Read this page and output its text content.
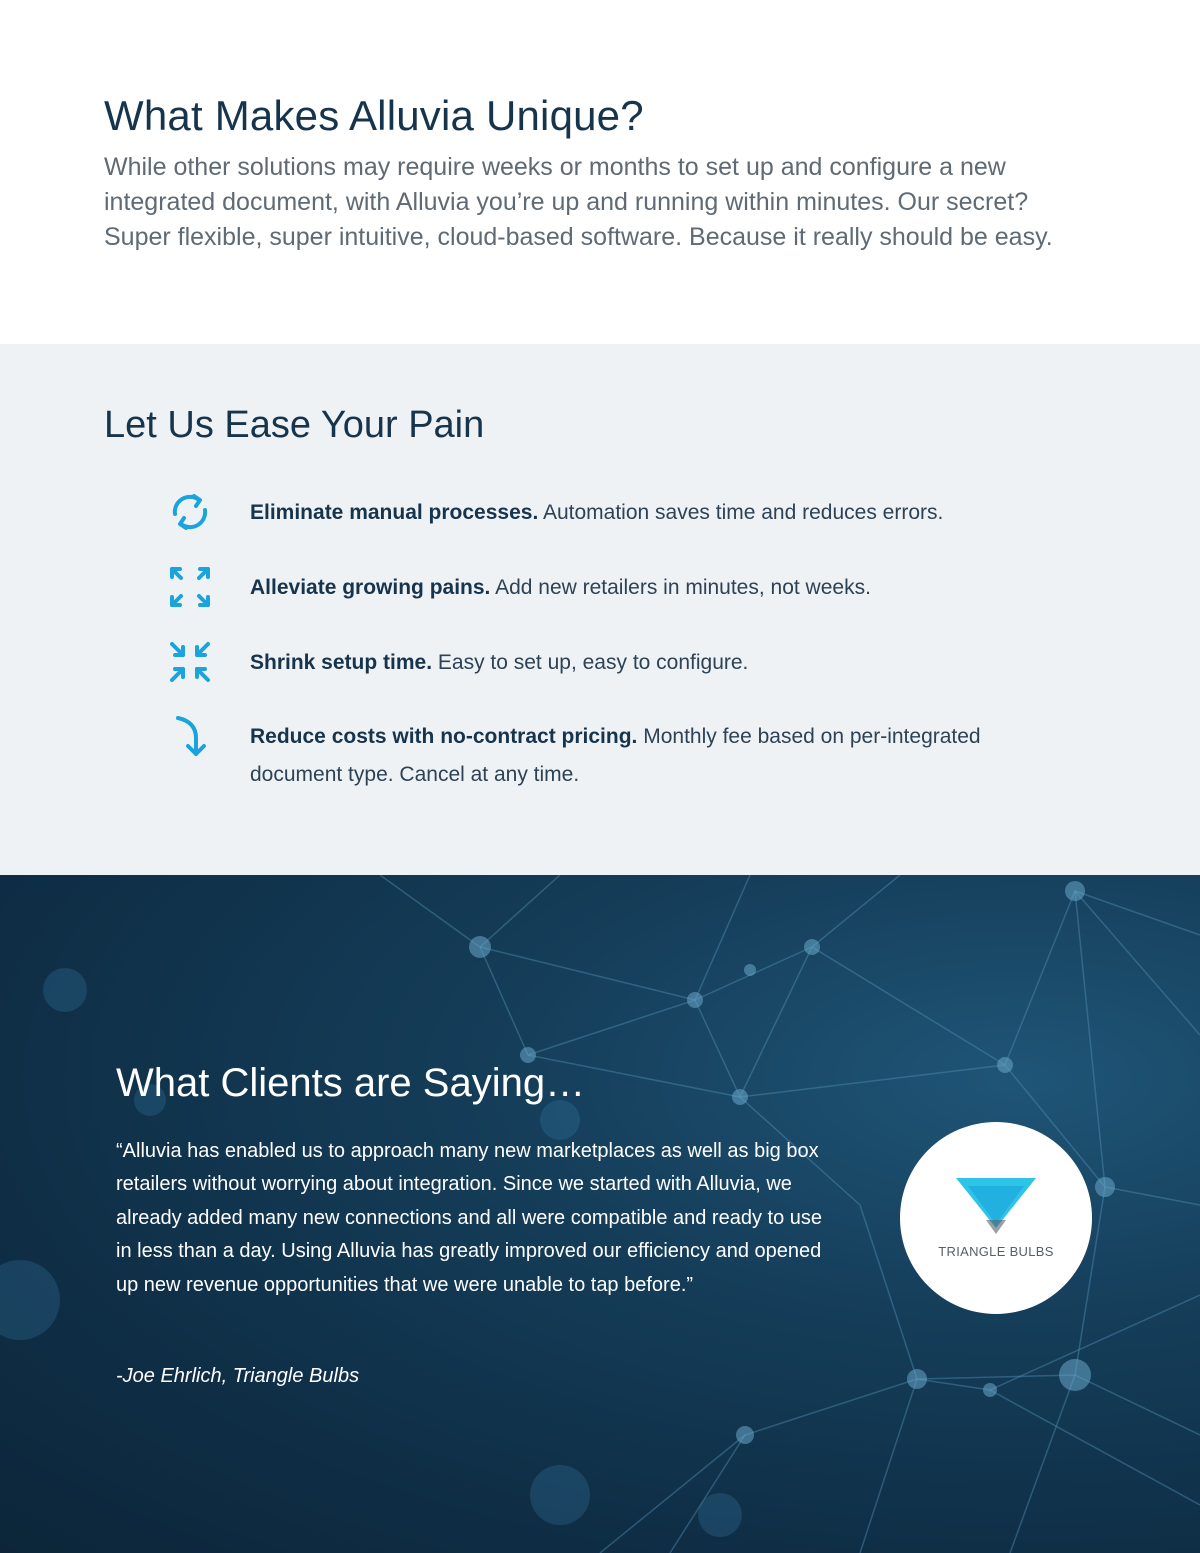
What Makes Alluvia Unique?

While other solutions may require weeks or months to set up and configure a new integrated document, with Alluvia you’re up and running within minutes. Our secret? Super flexible, super intuitive, cloud-based software. Because it really should be easy.

Let Us Ease Your Pain
Eliminate manual processes. Automation saves time and reduces errors.
Alleviate growing pains. Add new retailers in minutes, not weeks.
Shrink setup time. Easy to set up, easy to configure.
Reduce costs with no-contract pricing. Monthly fee based on per-integrated document type. Cancel at any time.
What Clients are Saying…

“Alluvia has enabled us to approach many new marketplaces as well as big box retailers without worrying about integration. Since we started with Alluvia, we already added many new connections and all were compatible and ready to use in less than a day. Using Alluvia has greatly improved our efficiency and opened up new revenue opportunities that we were unable to tap before.”

-Joe Ehrlich, Triangle Bulbs

TRIANGLE BULBS
